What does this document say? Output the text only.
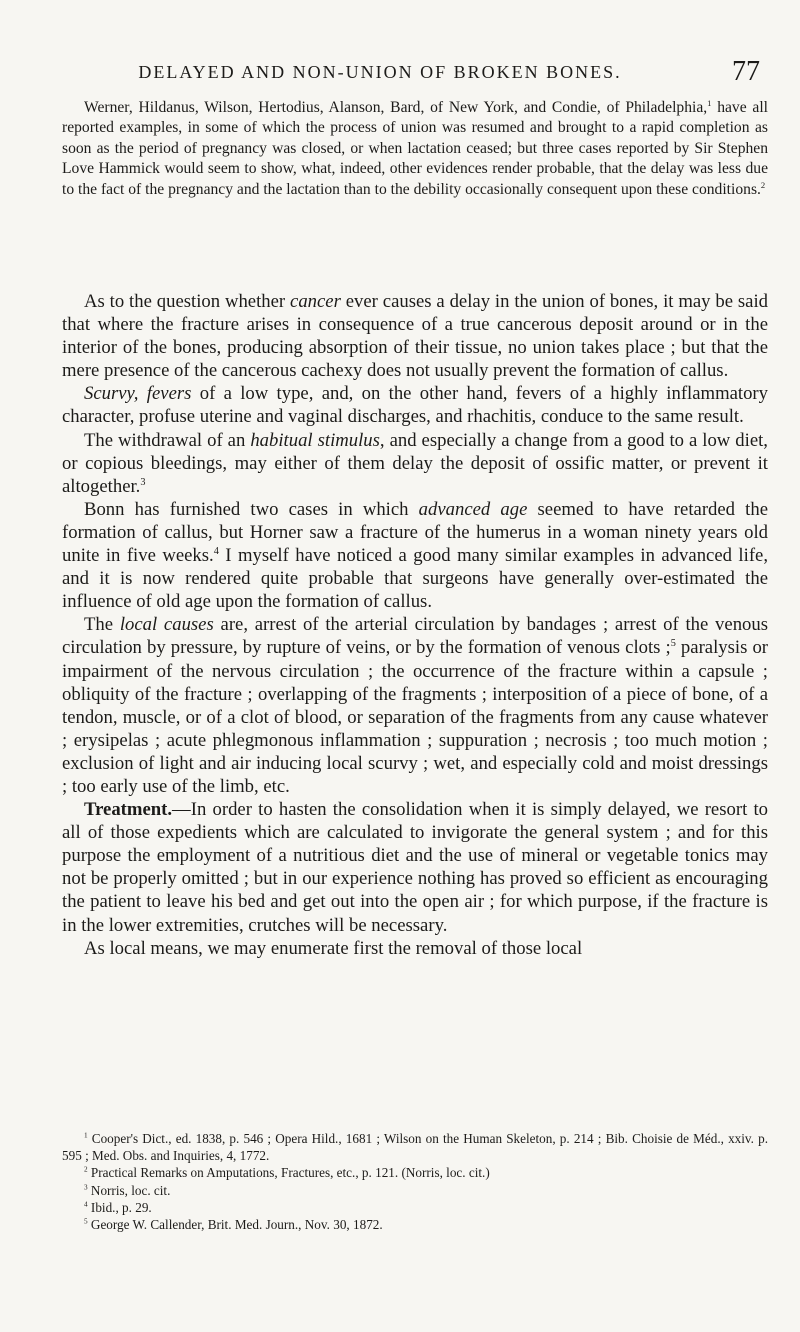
DELAYED AND NON-UNION OF BROKEN BONES.	77

Werner, Hildanus, Wilson, Hertodius, Alanson, Bard, of New York, and Condie, of Philadelphia,$^1$ have all reported examples, in some of which the process of union was resumed and brought to a rapid completion as soon as the period of pregnancy was closed, or when lactation ceased; but three cases reported by Sir Stephen Love Hammick would seem to show, what, indeed, other evidences render probable, that the delay was less due to the fact of the pregnancy and the lactation than to the debility occasionally consequent upon these conditions.$^2$

As to the question whether cancer ever causes a delay in the union of bones, it may be said that where the fracture arises in consequence of a true cancerous deposit around or in the interior of the bones, producing absorption of their tissue, no union takes place ; but that the mere presence of the cancerous cachexy does not usually prevent the formation of callus.

Scurvy, fevers of a low type, and, on the other hand, fevers of a highly inflammatory character, profuse uterine and vaginal discharges, and rhachitis, conduce to the same result.

The withdrawal of an habitual stimulus, and especially a change from a good to a low diet, or copious bleedings, may either of them delay the deposit of ossific matter, or prevent it altogether.$^3$

Bonn has furnished two cases in which advanced age seemed to have retarded the formation of callus, but Horner saw a fracture of the humerus in a woman ninety years old unite in five weeks.$^4$ I myself have noticed a good many similar examples in advanced life, and it is now rendered quite probable that surgeons have generally over-estimated the influence of old age upon the formation of callus.

The local causes are, arrest of the arterial circulation by bandages ; arrest of the venous circulation by pressure, by rupture of veins, or by the formation of venous clots ;$^5$ paralysis or impairment of the nervous circulation ; the occurrence of the fracture within a capsule ; obliquity of the fracture ; overlapping of the fragments ; interposition of a piece of bone, of a tendon, muscle, or of a clot of blood, or separation of the fragments from any cause whatever ; erysipelas ; acute phlegmonous inflammation ; suppuration ; necrosis ; too much motion ; exclusion of light and air inducing local scurvy ; wet, and especially cold and moist dressings ; too early use of the limb, etc.

Treatment.—In order to hasten the consolidation when it is simply delayed, we resort to all of those expedients which are calculated to invigorate the general system ; and for this purpose the employment of a nutritious diet and the use of mineral or vegetable tonics may not be properly omitted ; but in our experience nothing has proved so efficient as encouraging the patient to leave his bed and get out into the open air ; for which purpose, if the fracture is in the lower extremities, crutches will be necessary.

As local means, we may enumerate first the removal of those local

$^1$ Cooper's Dict., ed. 1838, p. 546 ; Opera Hild., 1681 ; Wilson on the Human Skeleton, p. 214 ; Bib. Choisie de Méd., xxiv. p. 595 ; Med. Obs. and Inquiries, 4, 1772.

$^2$ Practical Remarks on Amputations, Fractures, etc., p. 121. (Norris, loc. cit.)

$^3$ Norris, loc. cit.

$^4$ Ibid., p. 29.

$^5$ George W. Callender, Brit. Med. Journ., Nov. 30, 1872.
